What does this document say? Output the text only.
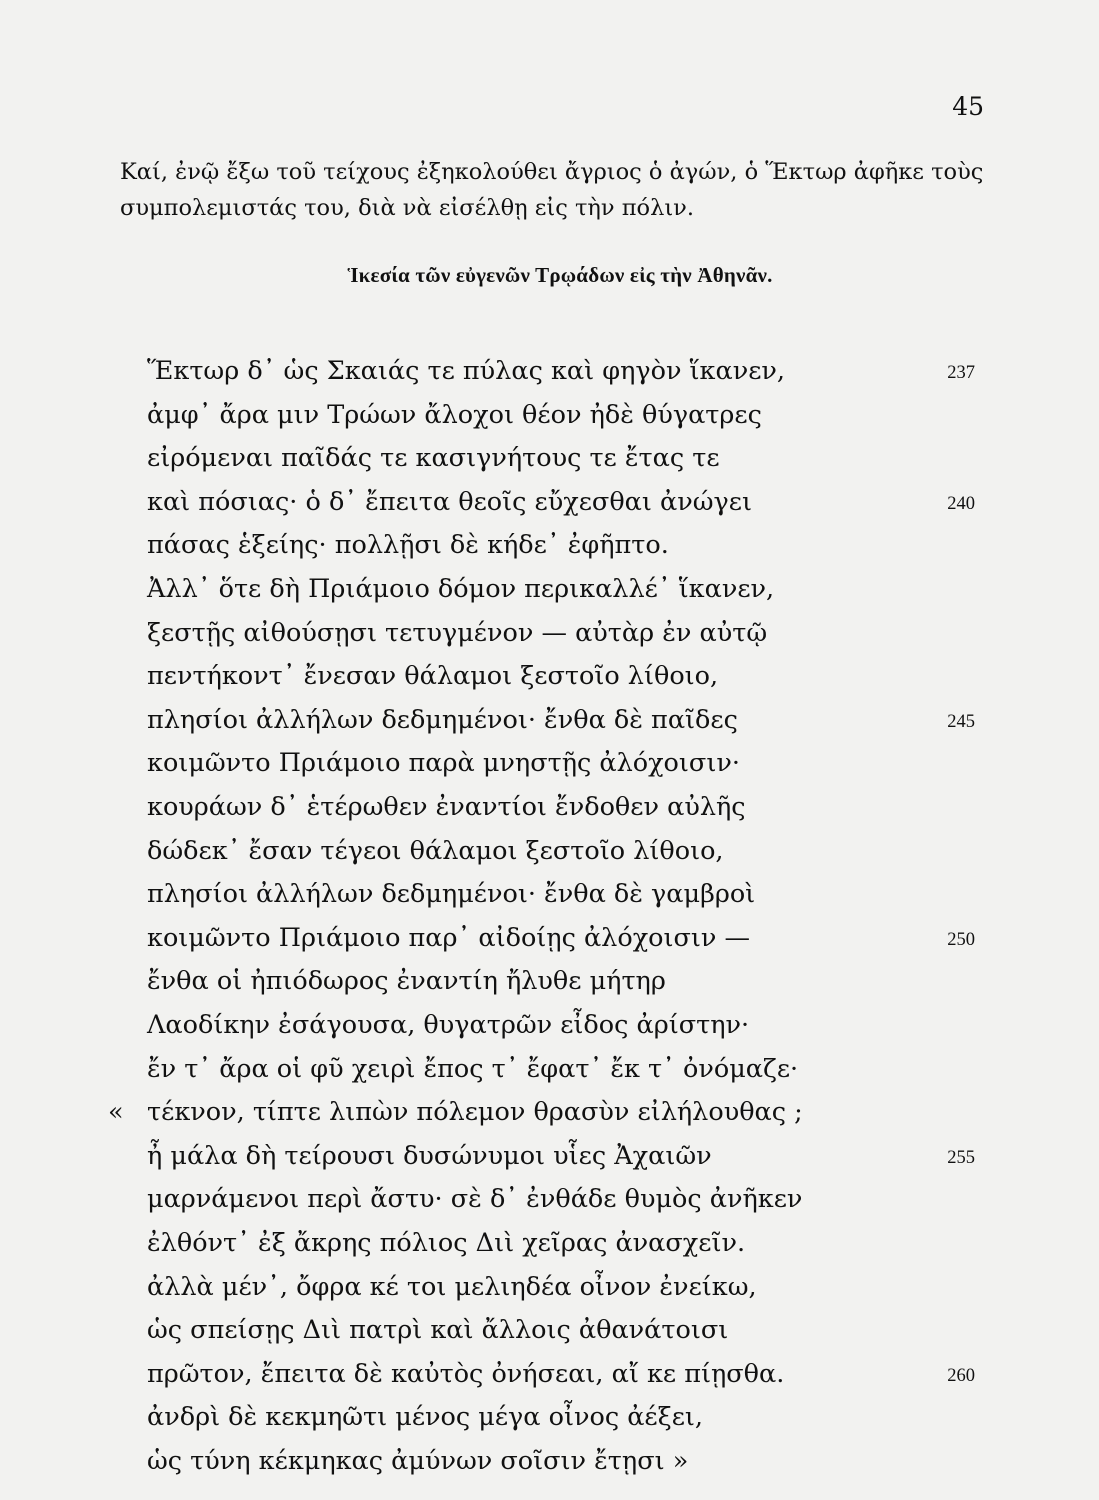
45
Καί, ἐνῷ ἔξω τοῦ τείχους ἐξηκολούθει ἄγριος ὁ ἀγών, ὁ Ἕκτωρ ἀφῆκε τοὺς συμπολεμιστάς του, διὰ νὰ εἰσέλθῃ εἰς τὴν πόλιν.
Ἱκεσία τῶν εὐγενῶν Τρῳάδων εἰς τὴν Ἀθηνᾶν.
Ἕκτωρ δ᾽ ὡς Σκαιάς τε πύλας καὶ φηγὸν ἵκανεν,	237
ἀμφ᾽ ἄρα μιν Τρώων ἄλοχοι θέον ἠδὲ θύγατρες
εἰρόμεναι παῖδάς τε κασιγνήτους τε ἔτας τε
καὶ πόσιας· ὁ δ᾽ ἔπειτα θεοῖς εὔχεσθαι ἀνώγει	240
πάσας ἑξείης· πολλῇσι δὲ κήδε᾽ ἐφῆπτο.
Ἀλλ᾽ ὅτε δὴ Πριάμοιο δόμον περικαλλέ᾽ ἵκανεν,
ξεστῇς αἰθούσῃσι τετυγμένον — αὐτὰρ ἐν αὐτῷ
πεντήκοντ᾽ ἔνεσαν θάλαμοι ξεστοῖο λίθοιο,
πλησίοι ἀλλήλων δεδμημένοι· ἔνθα δὲ παῖδες	245
κοιμῶντο Πριάμοιο παρὰ μνηστῇς ἀλόχοισιν·
κουράων δ᾽ ἑτέρωθεν ἐναντίοι ἔνδοθεν αὐλῆς
δώδεκ᾽ ἔσαν τέγεοι θάλαμοι ξεστοῖο λίθοιο,
πλησίοι ἀλλήλων δεδμημένοι· ἔνθα δὲ γαμβροὶ
κοιμῶντο Πριάμοιο παρ᾽ αἰδοίῃς ἀλόχοισιν —	250
ἔνθα οἱ ἠπιόδωρος ἐναντίη ἤλυθε μήτηρ
Λαοδίκην ἐσάγουσα, θυγατρῶν εἶδος ἀρίστην·
ἔν τ᾽ ἄρα οἱ φῦ χειρὶ ἔπος τ᾽ ἔφατ᾽ ἔκ τ᾽ ὀνόμαζε·
« τέκνον, τίπτε λιπὼν πόλεμον θρασὺν εἰλήλουθας ;
ἦ μάλα δὴ τείρουσι δυσώνυμοι υἷες Ἀχαιῶν	255
μαρνάμενοι περὶ ἄστυ· σὲ δ᾽ ἐνθάδε θυμὸς ἀνῆκεν
ἐλθόντ᾽ ἐξ ἄκρης πόλιος Διὶ χεῖρας ἀνασχεῖν.
ἀλλὰ μέν᾽, ὄφρα κέ τοι μελιηδέα οἶνον ἐνείκω,
ὡς σπείσῃς Διὶ πατρὶ καὶ ἄλλοις ἀθανάτοισι
πρῶτον, ἔπειτα δὲ καὐτὸς ὀνήσεαι, αἴ κε πίῃσθα.	260
ἀνδρὶ δὲ κεκμηῶτι μένος μέγα οἶνος ἀέξει,
ὡς τύνη κέκμηκας ἀμύνων σοῖσιν ἔτῃσι »
